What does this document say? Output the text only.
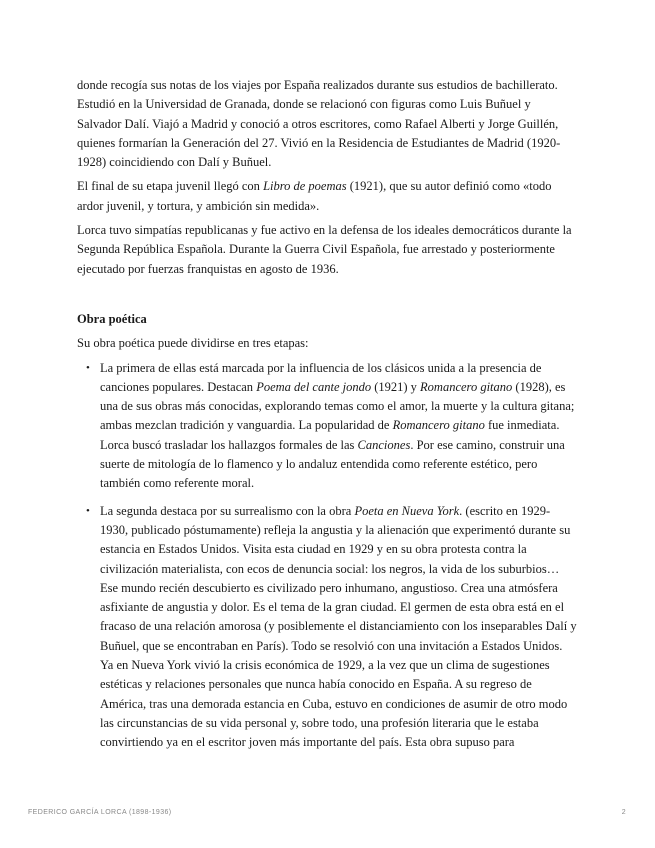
donde recogía sus notas de los viajes por España realizados durante sus estudios de bachillerato. Estudió en la Universidad de Granada, donde se relacionó con figuras como Luis Buñuel y Salvador Dalí. Viajó a Madrid y conoció a otros escritores, como Rafael Alberti y Jorge Guillén, quienes formarían la Generación del 27. Vivió en la Residencia de Estudiantes de Madrid (1920-1928) coincidiendo con Dalí y Buñuel.

El final de su etapa juvenil llegó con Libro de poemas (1921), que su autor definió como «todo ardor juvenil, y tortura, y ambición sin medida».

Lorca tuvo simpatías republicanas y fue activo en la defensa de los ideales democráticos durante la Segunda República Española. Durante la Guerra Civil Española, fue arrestado y posteriormente ejecutado por fuerzas franquistas en agosto de 1936.

Obra poética

Su obra poética puede dividirse en tres etapas:

• La primera de ellas está marcada por la influencia de los clásicos unida a la presencia de canciones populares. Destacan Poema del cante jondo (1921) y Romancero gitano (1928), es una de sus obras más conocidas, explorando temas como el amor, la muerte y la cultura gitana; ambas mezclan tradición y vanguardia. La popularidad de Romancero gitano fue inmediata. Lorca buscó trasladar los hallazgos formales de las Canciones. Por ese camino, construir una suerte de mitología de lo flamenco y lo andaluz entendida como referente estético, pero también como referente moral.
• La segunda destaca por su surrealismo con la obra Poeta en Nueva York. (escrito en 1929-1930, publicado póstumamente) refleja la angustia y la alienación que experimentó durante su estancia en Estados Unidos. Visita esta ciudad en 1929 y en su obra protesta contra la civilización materialista, con ecos de denuncia social: los negros, la vida de los suburbios… Ese mundo recién descubierto es civilizado pero inhumano, angustioso. Crea una atmósfera asfixiante de angustia y dolor. Es el tema de la gran ciudad. El germen de esta obra está en el fracaso de una relación amorosa (y posiblemente el distanciamiento con los inseparables Dalí y Buñuel, que se encontraban en París). Todo se resolvió con una invitación a Estados Unidos. Ya en Nueva York vivió la crisis económica de 1929, a la vez que un clima de sugestiones estéticas y relaciones personales que nunca había conocido en España. A su regreso de América, tras una demorada estancia en Cuba, estuvo en condiciones de asumir de otro modo las circunstancias de su vida personal y, sobre todo, una profesión literaria que le estaba convirtiendo ya en el escritor joven más importante del país. Esta obra supuso para
FEDERICO GARCÍA LORCA (1898-1936)	2
